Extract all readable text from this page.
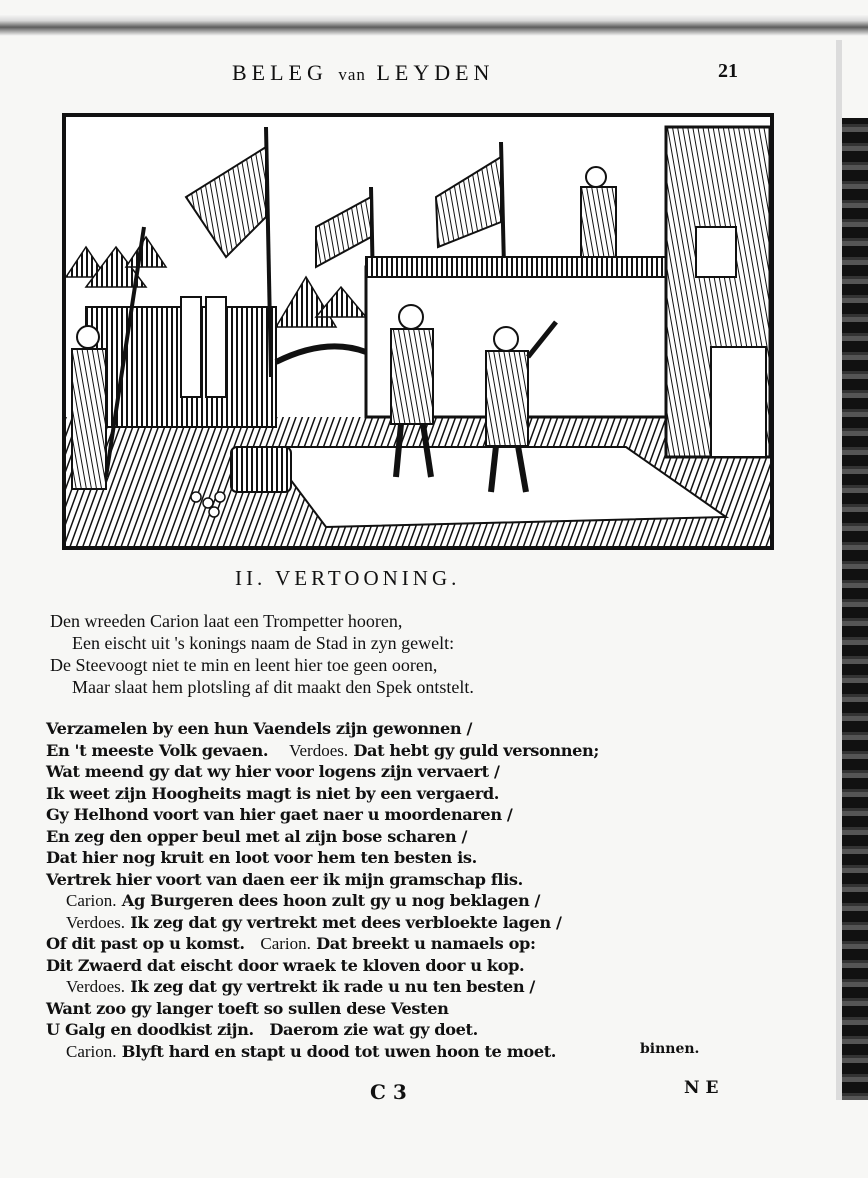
BELEG van LEYDEN	21
II. VERTOONING.
Den wreeden Carion laat een Trompetter hooren,
Een eischt uit 's konings naam de Stad in zyn gewelt:
De Steevoogt niet te min en leent hier toe geen ooren,
Maar slaat hem plotsling af dit maakt den Spek ontstelt.
Verzamelen by een hun Vaendels zijn gewonnen /
En 't meeste Volk gevaen. Verdoes. Dat hebt gy guld versonnen;
Wat meend gy dat wy hier voor logens zijn vervaert /
Ik weet zijn Hoogheits magt is niet by een vergaerd.
Gy Helhond voort van hier gaet naer u moordenaren /
En zeg den opper beul met al zijn bose scharen /
Dat hier nog kruit en loot voor hem ten besten is.
Vertrek hier voort van daen eer ik mijn gramschap flis.
Carion. Ag Burgeren dees hoon zult gy u nog beklagen /
Verdoes. Ik zeg dat gy vertrekt met dees verbloekte lagen /
Of dit past op u komst. Carion. Dat breekt u namaels op:
Dit Zwaerd dat eischt door wraek te kloven door u kop.
Verdoes. Ik zeg dat gy vertrekt ik rade u nu ten besten /
Want zoo gy langer toeft so sullen dese Vesten
U Galg en doodkist zijn. Daerom zie wat gy doet.
Carion. Blyft hard en stapt u dood tot uwen hoon te moet.	binnen.
C 3	N E
